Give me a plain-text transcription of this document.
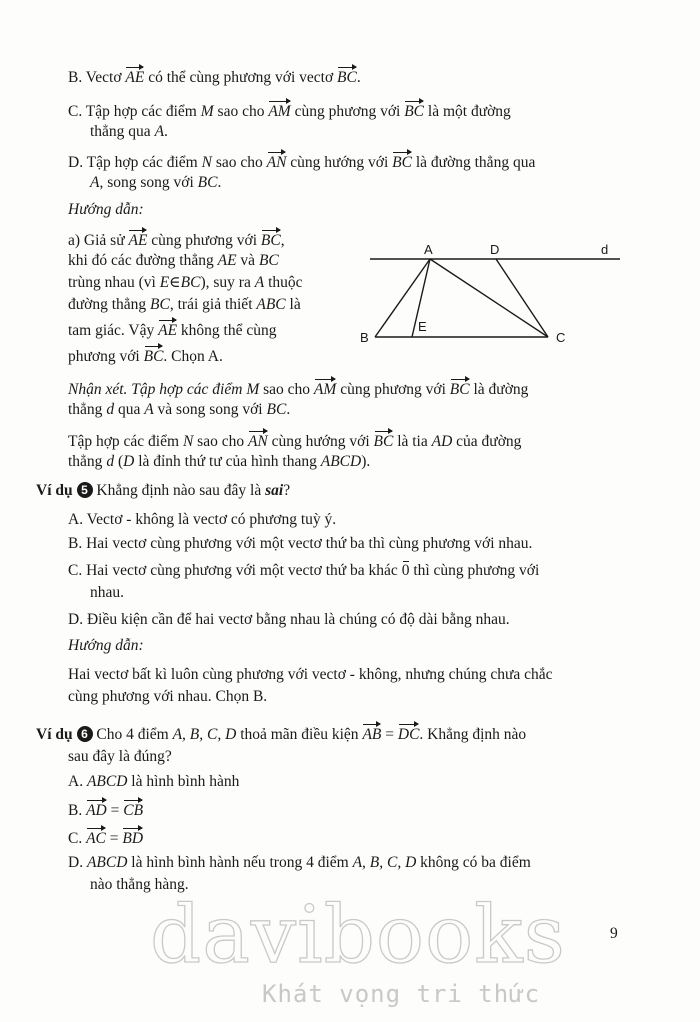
B. Vectơ AE có thể cùng phương với vectơ BC.
C. Tập hợp các điểm M sao cho AM cùng phương với BC là một đường
thẳng qua A.
D. Tập hợp các điểm N sao cho AN cùng hướng với BC là đường thẳng qua
A, song song với BC.
Hướng dẫn:
a) Giả sử AE cùng phương với BC,
khi đó các đường thẳng AE và BC
trùng nhau (vì E∈BC), suy ra A thuộc
đường thẳng BC, trái giả thiết ABC là
tam giác. Vậy AE không thể cùng
phương với BC. Chọn A.
A	D	d
B
E
C
Nhận xét. Tập hợp các điểm M sao cho AM cùng phương với BC là đường
thẳng d qua A và song song với BC.
Tập hợp các điểm N sao cho AN cùng hướng với BC là tia AD của đường
thẳng d (D là đỉnh thứ tư của hình thang ABCD).
Ví dụ 5 Khẳng định nào sau đây là sai?
A. Vectơ - không là vectơ có phương tuỳ ý.
B. Hai vectơ cùng phương với một vectơ thứ ba thì cùng phương với nhau.
C. Hai vectơ cùng phương với một vectơ thứ ba khác 0 thì cùng phương với
nhau.
D. Điều kiện cần để hai vectơ bằng nhau là chúng có độ dài bằng nhau.
Hướng dẫn:
Hai vectơ bất kì luôn cùng phương với vectơ - không, nhưng chúng chưa chắc
cùng phương với nhau. Chọn B.
Ví dụ 6 Cho 4 điểm A, B, C, D thoả mãn điều kiện AB = DC. Khẳng định nào
sau đây là đúng?
A. ABCD là hình bình hành
B. AD = CB
C. AC = BD
D. ABCD là hình bình hành nếu trong 4 điểm A, B, C, D không có ba điểm
nào thẳng hàng.
9
davibooks
Khát vọng tri thức
